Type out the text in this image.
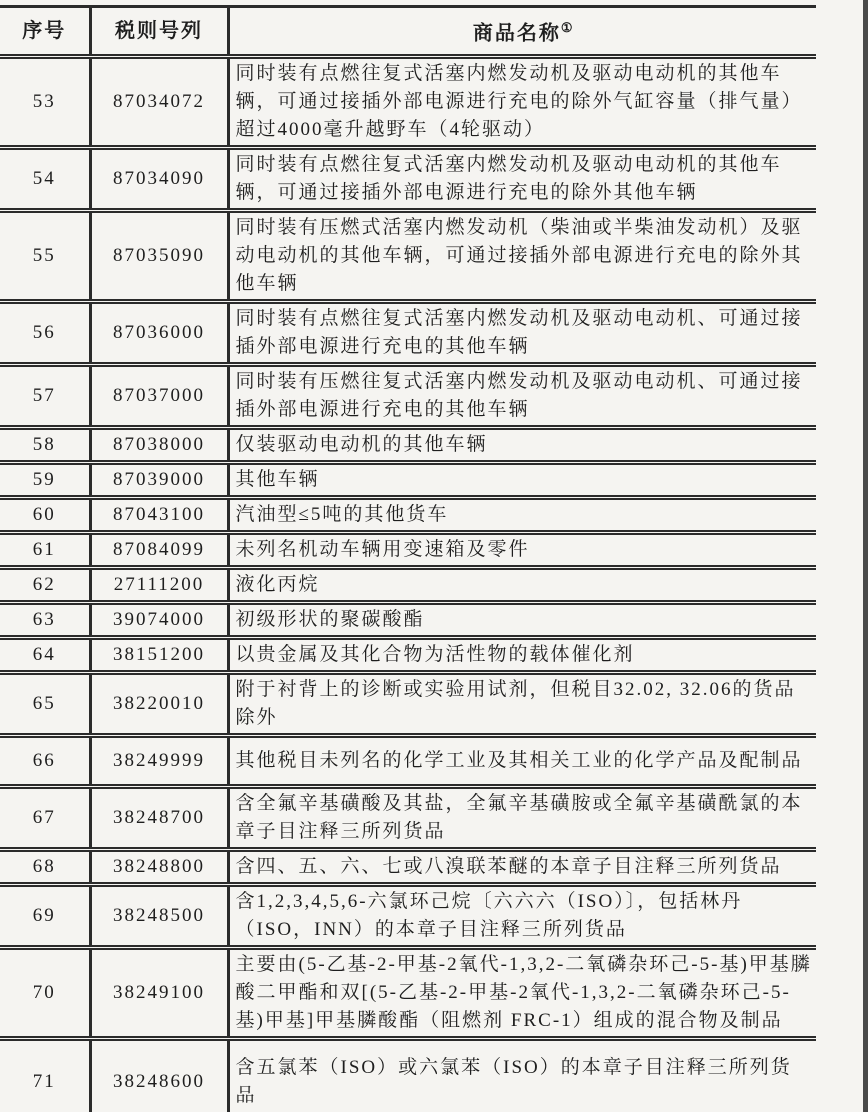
序号	税则号列	商品名称①
53	87034072	同时装有点燃往复式活塞内燃发动机及驱动电动机的其他车辆，可通过接插外部电源进行充电的除外气缸容量（排气量）超过4000毫升越野车（4轮驱动）
54	87034090	同时装有点燃往复式活塞内燃发动机及驱动电动机的其他车辆，可通过接插外部电源进行充电的除外其他车辆
55	87035090	同时装有压燃式活塞内燃发动机（柴油或半柴油发动机）及驱动电动机的其他车辆，可通过接插外部电源进行充电的除外其他车辆
56	87036000	同时装有点燃往复式活塞内燃发动机及驱动电动机、可通过接插外部电源进行充电的其他车辆
57	87037000	同时装有压燃往复式活塞内燃发动机及驱动电动机、可通过接插外部电源进行充电的其他车辆
58	87038000	仅装驱动电动机的其他车辆
59	87039000	其他车辆
60	87043100	汽油型≤5吨的其他货车
61	87084099	未列名机动车辆用变速箱及零件
62	27111200	液化丙烷
63	39074000	初级形状的聚碳酸酯
64	38151200	以贵金属及其化合物为活性物的载体催化剂
65	38220010	附于衬背上的诊断或实验用试剂，但税目32.02, 32.06的货品除外
66	38249999	其他税目未列名的化学工业及其相关工业的化学产品及配制品
67	38248700	含全氟辛基磺酸及其盐，全氟辛基磺胺或全氟辛基磺酰氯的本章子目注释三所列货品
68	38248800	含四、五、六、七或八溴联苯醚的本章子目注释三所列货品
69	38248500	含1,2,3,4,5,6-六氯环己烷〔六六六（ISO）〕，包括林丹（ISO，INN）的本章子目注释三所列货品
70	38249100	主要由(5-乙基-2-甲基-2氧代-1,3,2-二氧磷杂环己-5-基)甲基膦酸二甲酯和双[(5-乙基-2-甲基-2氧代-1,3,2-二氧磷杂环己-5-基)甲基]甲基膦酸酯（阻燃剂 FRC-1）组成的混合物及制品
71	38248600	含五氯苯（ISO）或六氯苯（ISO）的本章子目注释三所列货品
